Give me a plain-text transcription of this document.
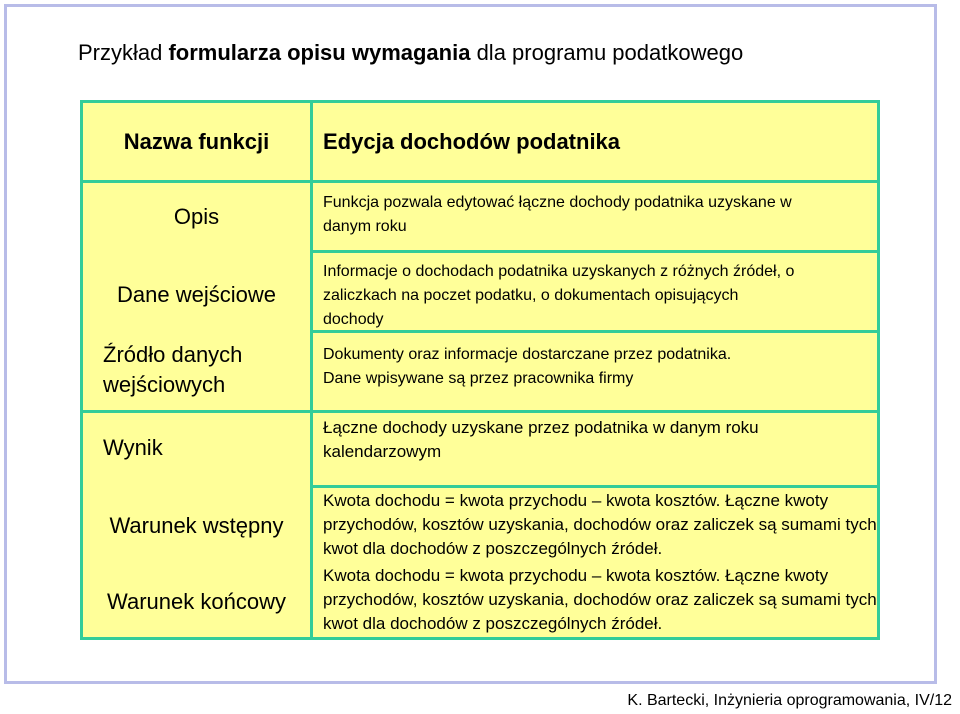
Przykład formularza opisu wymagania dla programu podatkowego
Nazwa funkcji	Edycja dochodów podatnika
Opis
Funkcja pozwala edytować łączne dochody podatnika uzyskane w danym roku
Dane wejściowe
Informacje o dochodach podatnika uzyskanych z różnych źródeł, o zaliczkach na poczet podatku, o dokumentach opisujących dochody
Źródło danych wejściowych
Dokumenty oraz informacje dostarczane przez podatnika. Dane wpisywane są przez pracownika firmy
Wynik
Łączne dochody uzyskane przez podatnika w danym roku kalendarzowym
Warunek wstępny
Kwota dochodu = kwota przychodu – kwota kosztów. Łączne kwoty przychodów, kosztów uzyskania, dochodów oraz zaliczek są sumami tych kwot dla dochodów z poszczególnych źródeł.
Warunek końcowy
Kwota dochodu = kwota przychodu – kwota kosztów. Łączne kwoty przychodów, kosztów uzyskania, dochodów oraz zaliczek są sumami tych kwot dla dochodów z poszczególnych źródeł.
K. Bartecki, Inżynieria oprogramowania, IV/12
